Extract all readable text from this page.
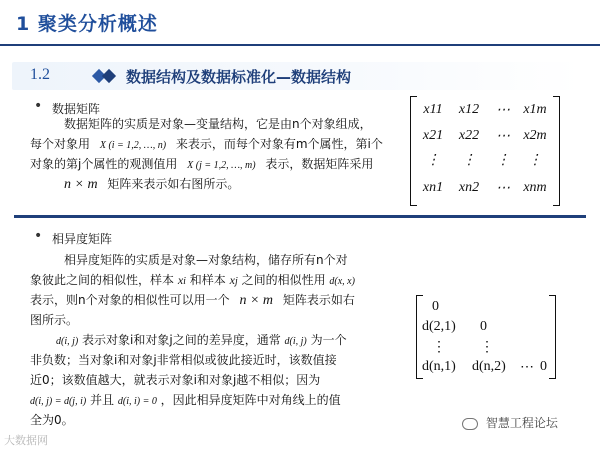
1 聚类分析概述
1.2	数据结构及数据标准化—数据结构
• 数据矩阵
数据矩阵的实质是对象—变量结构，它是由n个对象组成，
每个对象用 X (i = 1,2, …, n) 来表示，而每个对象有m个属性，第i个
对象的第j个属性的观测值用 X (j = 1,2, …, m) 表示，数据矩阵采用
n × m 矩阵来表示如右图所示。
x11	x12	⋯ x1m
x21	x22	⋯ x2m
⋮	⋮	⋮	⋮
xn1	xn2	⋯ xnm
• 相异度矩阵
相异度矩阵的实质是对象—对象结构，储存所有n个对
象彼此之间的相似性，样本 xi 和样本 xj 之间的相似性用 d(x, x)
表示，则n个对象的相似性可以用一个 n × m 矩阵表示如右
图所示。
d(i, j) 表示对象i和对象j之间的差异度，通常 d(i, j) 为一个
非负数；当对象i和对象j非常相似或彼此接近时，该数值接
近0；该数值越大，就表示对象i和对象j越不相似；因为
d(i, j) = d(j, i) 并且 d(i, i) = 0 ，因此相异度矩阵中对角线上的值
全为0。
0
d(2,1) 0
⋮ ⋮
d(n,1) d(n,2) ⋯ 0
大数据网
智慧工程论坛
